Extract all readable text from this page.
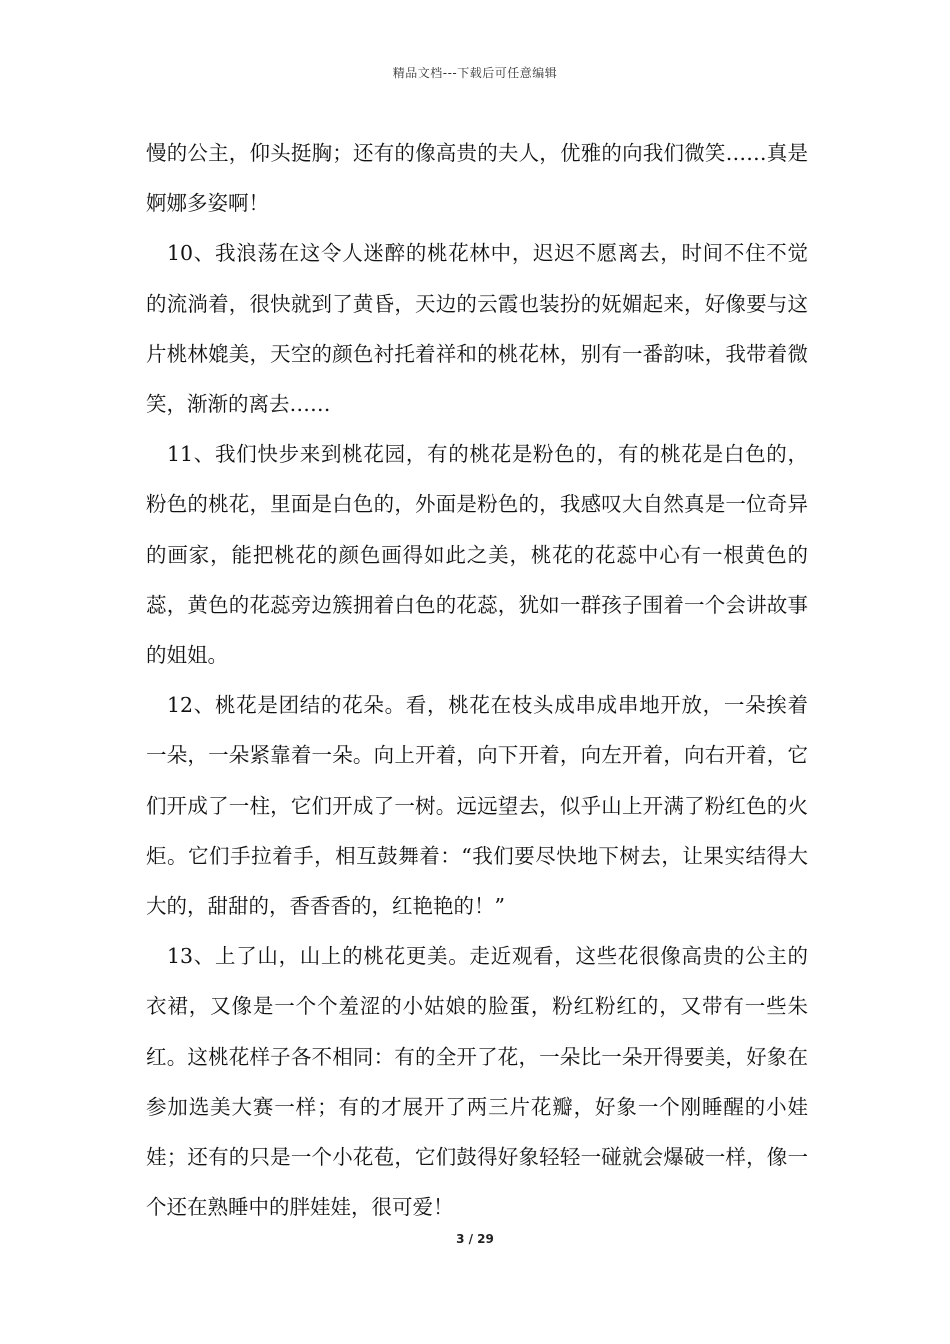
精品文档---下载后可任意编辑

慢的公主，仰头挺胸；还有的像高贵的夫人，优雅的向我们微笑……真是婀娜多姿啊！

10、我浪荡在这令人迷醉的桃花林中，迟迟不愿离去，时间不住不觉的流淌着，很快就到了黄昏，天边的云霞也装扮的妩媚起来，好像要与这片桃林媲美，天空的颜色衬托着祥和的桃花林，别有一番韵味，我带着微笑，渐渐的离去……

11、我们快步来到桃花园，有的桃花是粉色的，有的桃花是白色的，粉色的桃花，里面是白色的，外面是粉色的，我感叹大自然真是一位奇异的画家，能把桃花的颜色画得如此之美，桃花的花蕊中心有一根黄色的蕊，黄色的花蕊旁边簇拥着白色的花蕊，犹如一群孩子围着一个会讲故事的姐姐。

12、桃花是团结的花朵。看，桃花在枝头成串成串地开放，一朵挨着一朵，一朵紧靠着一朵。向上开着，向下开着，向左开着，向右开着，它们开成了一柱，它们开成了一树。远远望去，似乎山上开满了粉红色的火炬。它们手拉着手，相互鼓舞着：“我们要尽快地下树去，让果实结得大大的，甜甜的，香香香的，红艳艳的！”

13、上了山，山上的桃花更美。走近观看，这些花很像高贵的公主的衣裙，又像是一个个羞涩的小姑娘的脸蛋，粉红粉红的，又带有一些朱红。这桃花样子各不相同：有的全开了花，一朵比一朵开得要美，好象在参加选美大赛一样；有的才展开了两三片花瓣，好象一个刚睡醒的小娃娃；还有的只是一个小花苞，它们鼓得好象轻轻一碰就会爆破一样，像一个还在熟睡中的胖娃娃，很可爱！

3 / 29
